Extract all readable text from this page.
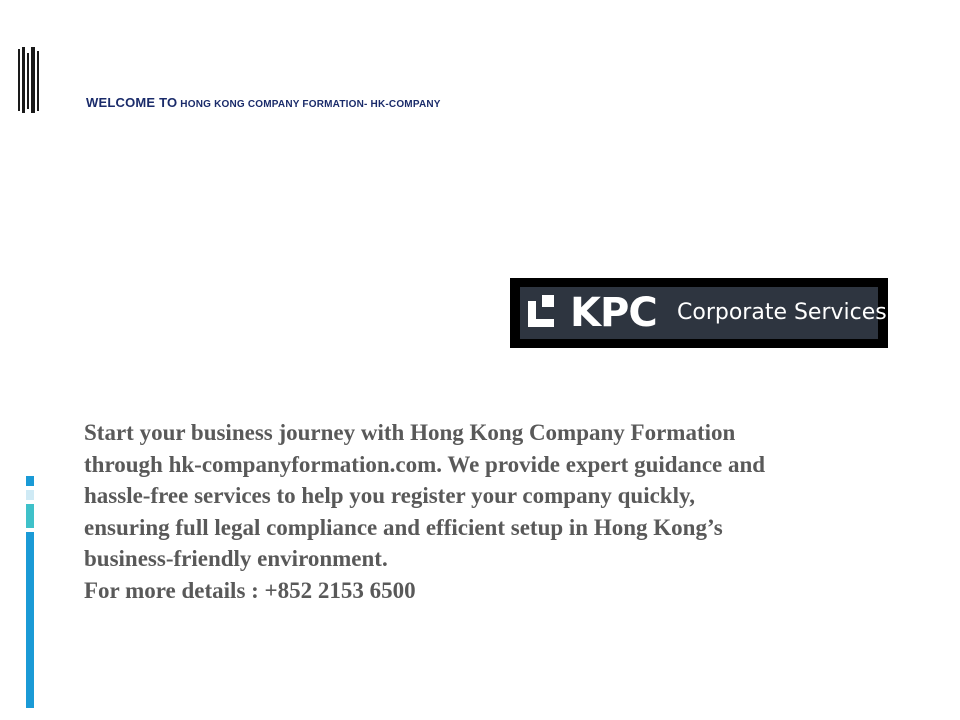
WELCOME TO HONG KONG COMPANY FORMATION- HK-COMPANY
KPC Corporate Services

Start your business journey with Hong Kong Company Formation

through hk-companyformation.com. We provide expert guidance and

hassle-free services to help you register your company quickly,

ensuring full legal compliance and efficient setup in Hong Kong’s

business-friendly environment.

For more details : +852 2153 6500
